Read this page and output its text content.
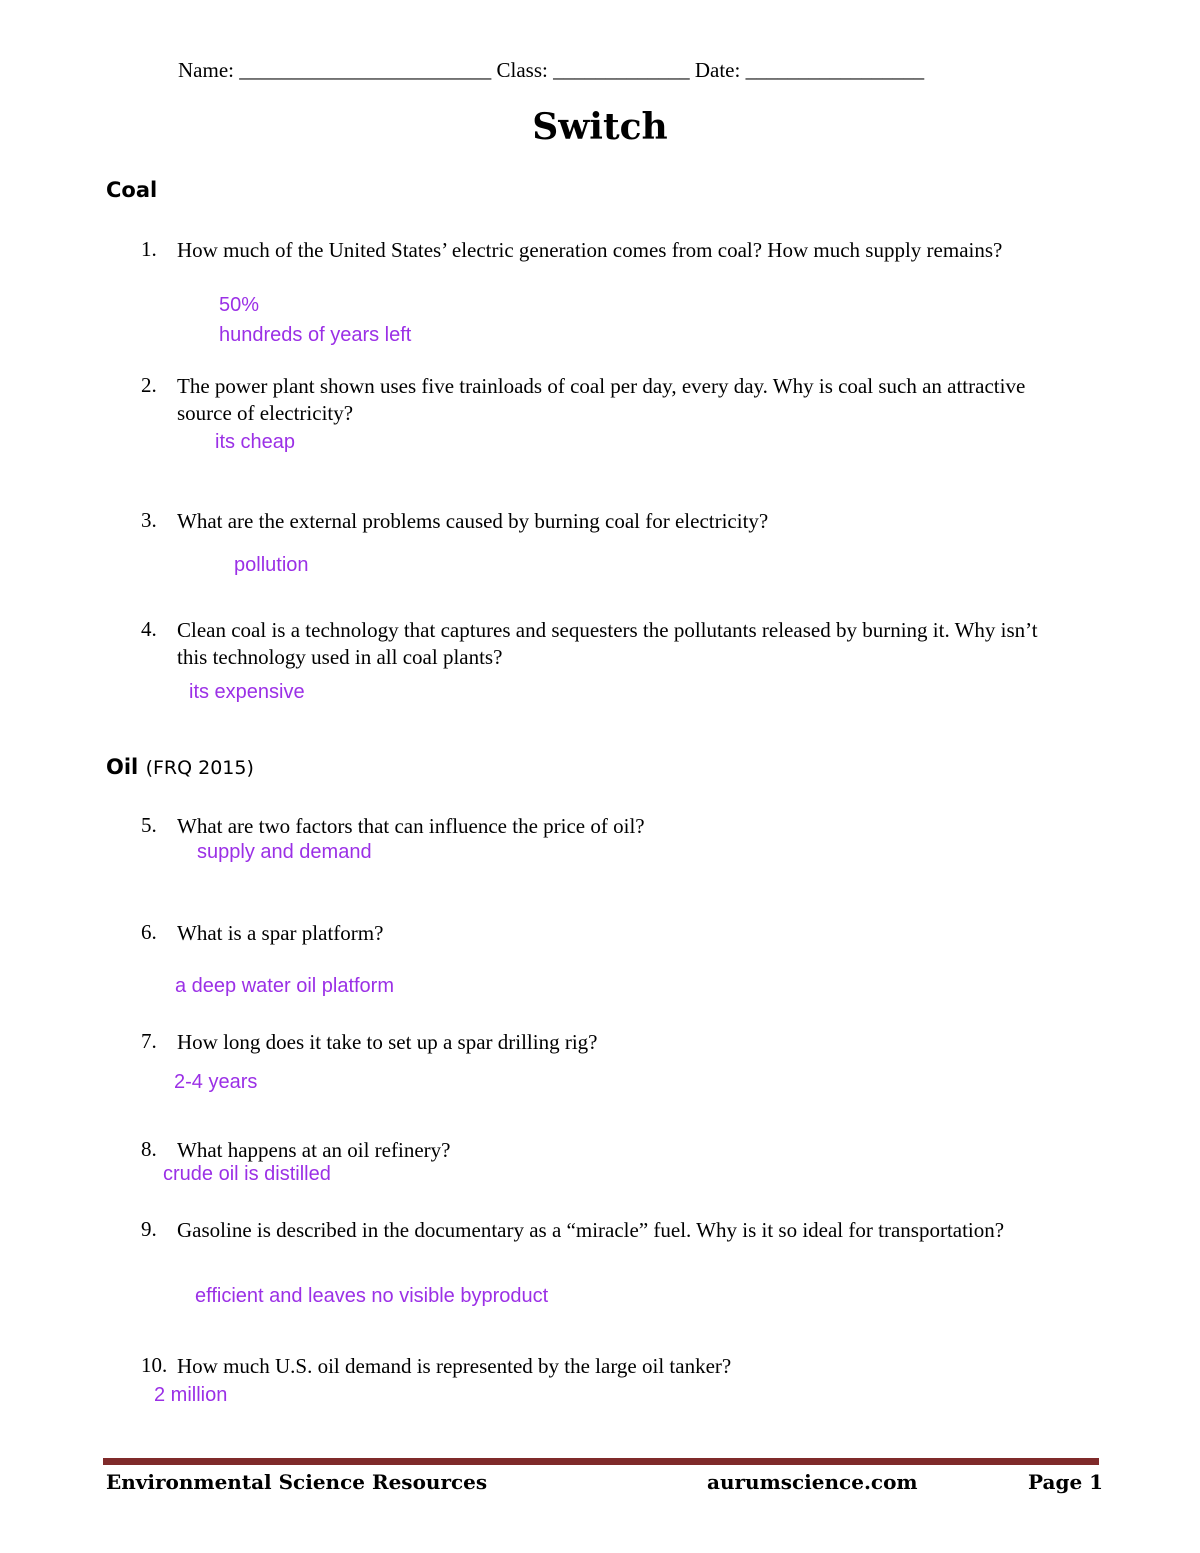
Name: ________________________ Class: _____________ Date: _________________
Switch
Coal
1. How much of the United States’ electric generation comes from coal? How much supply remains?
50%
hundreds of years left
2. The power plant shown uses five trainloads of coal per day, every day. Why is coal such an attractive source of electricity?
its cheap
3. What are the external problems caused by burning coal for electricity?
pollution
4. Clean coal is a technology that captures and sequesters the pollutants released by burning it. Why isn’t this technology used in all coal plants?
its expensive
Oil (FRQ 2015)
5. What are two factors that can influence the price of oil?
supply and demand
6. What is a spar platform?
a deep water oil platform
7. How long does it take to set up a spar drilling rig?
2-4 years
8. What happens at an oil refinery?
crude oil is distilled
9. Gasoline is described in the documentary as a “miracle” fuel. Why is it so ideal for transportation?
efficient and leaves no visible byproduct
10. How much U.S. oil demand is represented by the large oil tanker?
2 million
Environmental Science Resources	aurumscience.com	Page 1
